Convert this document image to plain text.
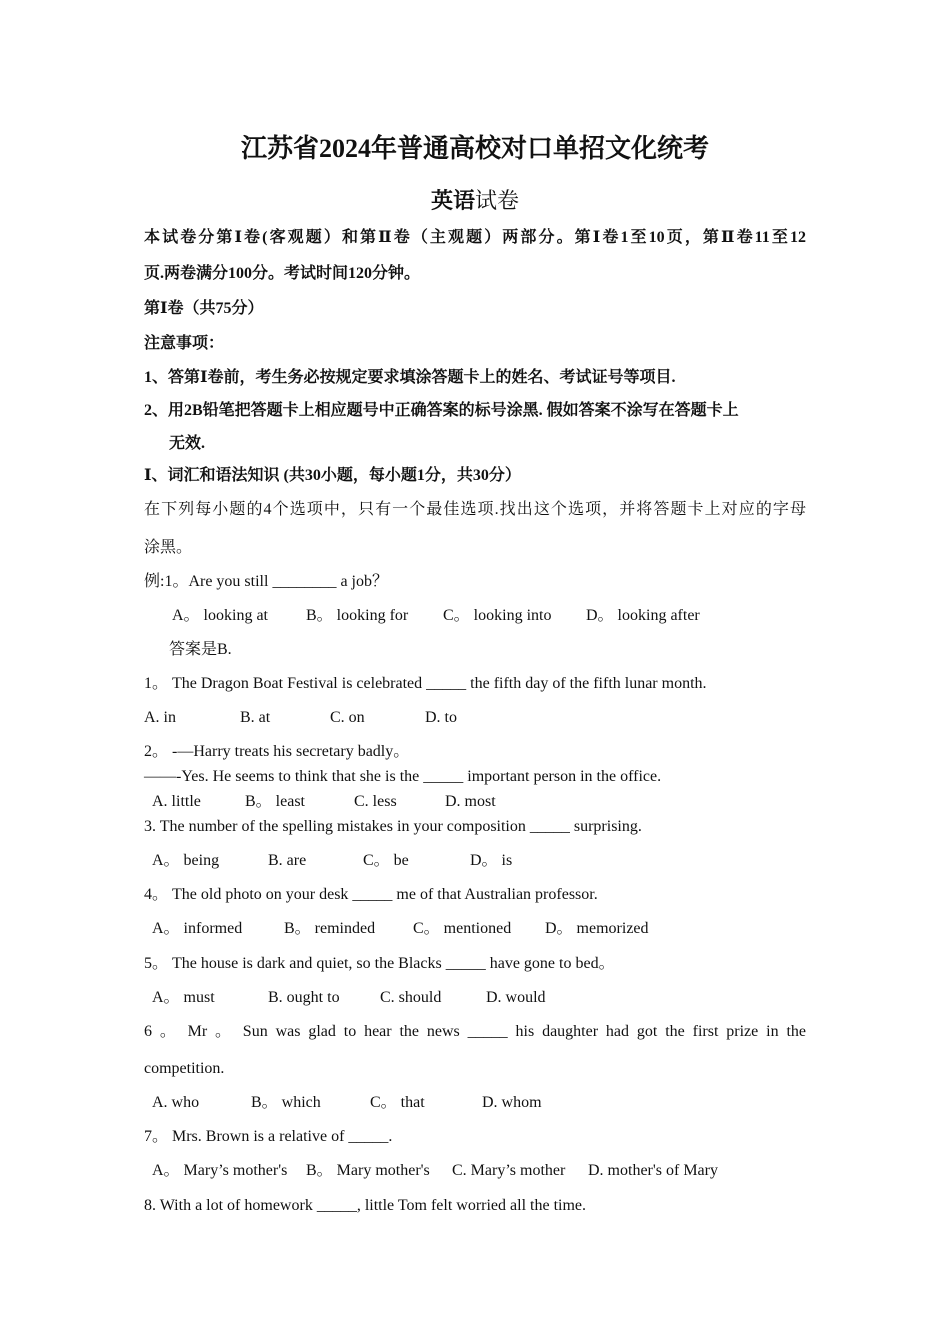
江苏省2024年普通高校对口单招文化统考
英语试卷
本试卷分第Ⅰ卷(客观题）和第Ⅱ卷（主观题）两部分。第Ⅰ卷1至10页，第Ⅱ卷11至12
页.两卷满分100分。考试时间120分钟。
第Ⅰ卷（共75分）
注意事项：
1、答第Ⅰ卷前，考生务必按规定要求填涂答题卡上的姓名、考试证号等项目.
2、用2B铅笔把答题卡上相应题号中正确答案的标号涂黑. 假如答案不涂写在答题卡上
无效.
Ⅰ、词汇和语法知识 (共30小题，每小题1分，共30分）
在下列每小题的4个选项中，只有一个最佳选项.找出这个选项，并将答题卡上对应的字母
涂黑。
例:1。Are you still ________ a job？

A。 looking at

B。 looking for

C。 looking into

D。 looking after

答案是B.
1。 The Dragon Boat Festival is celebrated _____ the fifth day of the fifth lunar month.

A. in

	B. at

	C. on

	D. to

2。 -—Harry treats his secretary badly。
——-Yes. He seems to think that she is the _____ important person in the office.

A. little

	B。 least

	C. less

	D. most

3. The number of the spelling mistakes in your composition _____ surprising.

A。 being

	B. are

	C。 be

	D。 is

4。 The old photo on your desk _____ me of that Australian professor.

A。 informed

	B。 reminded

C。 mentioned

D。 memorized

5。 The house is dark and quiet, so the Blacks _____ have gone to bed。

A。 must

	B. ought to

	C. should

	D. would

6 。 Mr 。 Sun was glad to hear the news _____ his daughter had got the first prize in the
competition.

A. who

	B。 which

	C。 that

	D. whom

7。 Mrs. Brown is a relative of _____.

A。 Mary’s mother's

B。 Mary mother's

C. Mary’s mother

D. mother's of Mary

8. With a lot of homework _____, little Tom felt worried all the time.
